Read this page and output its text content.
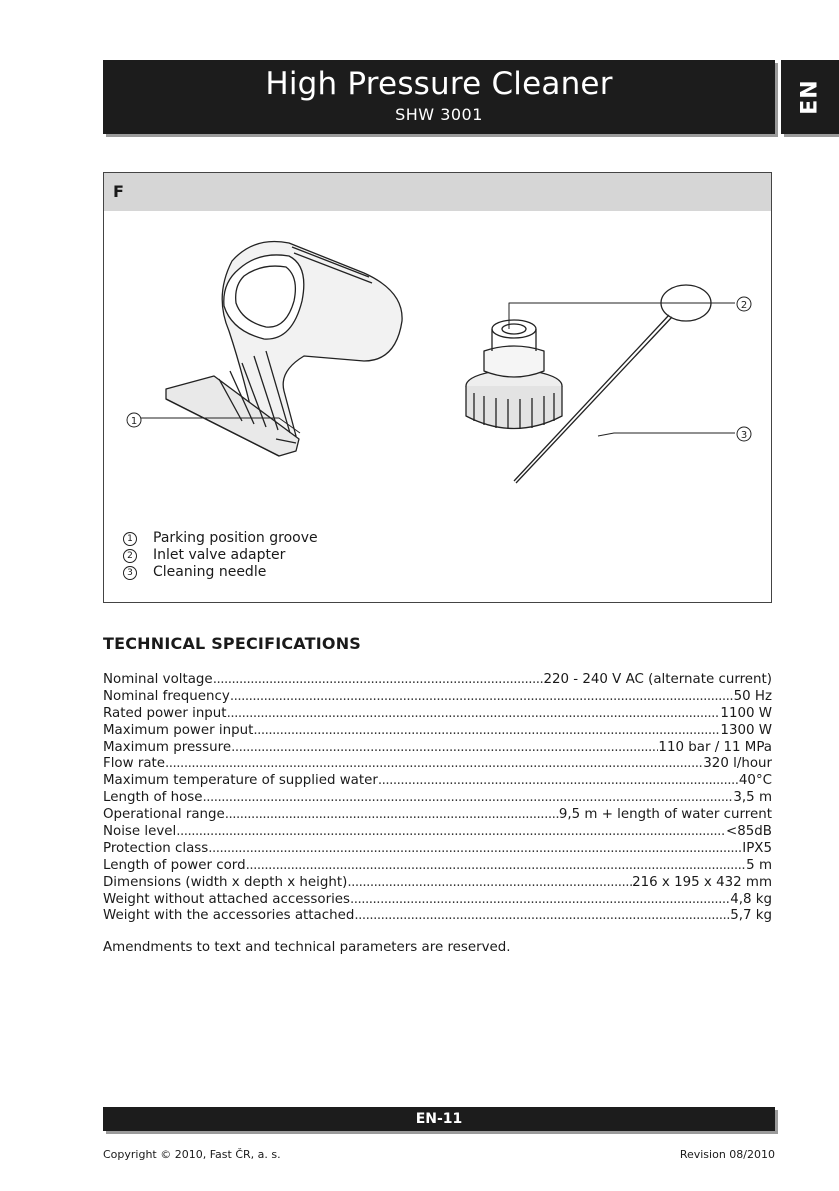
High Pressure Cleaner
SHW 3001	EN
F
1
2
3
1 Parking position groove
2 Inlet valve adapter
3 Cleaning needle
TECHNICAL SPECIFICATIONS
Nominal voltage .....	220 - 240 V AC (alternate current)
Nominal frequency .....	50 Hz
Rated power input .....	1100 W
Maximum power input .....	1300 W
Maximum pressure .....	110 bar / 11 MPa
Flow rate .....	320 l/hour
Maximum temperature of supplied water .....	40°C
Length of hose .....	3,5 m
Operational range .....	9,5 m + length of water current
Noise level .....	<85dB
Protection class .....	IPX5
Length of power cord .....	5 m
Dimensions (width x depth x height) .....	216 x 195 x 432 mm
Weight without attached accessories .....	4,8 kg
Weight with the accessories attached .....	5,7 kg
Amendments to text and technical parameters are reserved.
EN-11
Copyright © 2010, Fast ČR, a. s.	Revision 08/2010
